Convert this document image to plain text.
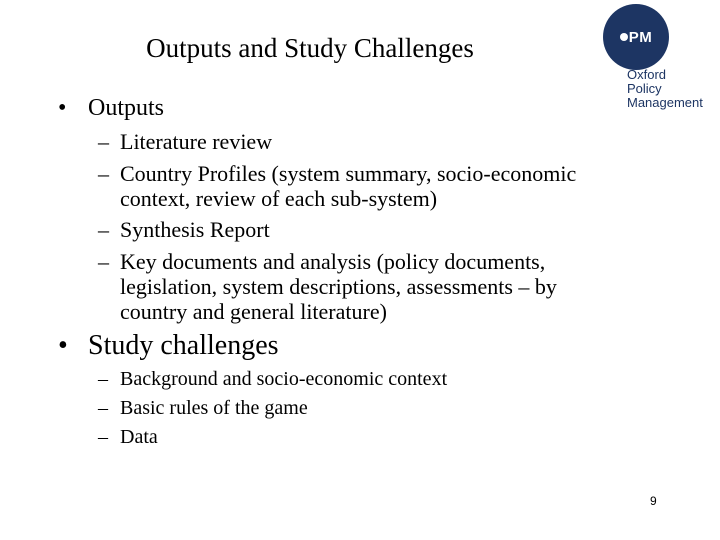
Outputs and Study Challenges	PM
Oxford
Policy
Management
• Outputs
– Literature review
– Country Profiles (system summary, socio-economic
context, review of each sub-system)
– Synthesis Report
– Key documents and analysis (policy documents,
legislation, system descriptions, assessments – by
country and general literature)
• Study challenges
– Background and socio-economic context
– Basic rules of the game
– Data
9
